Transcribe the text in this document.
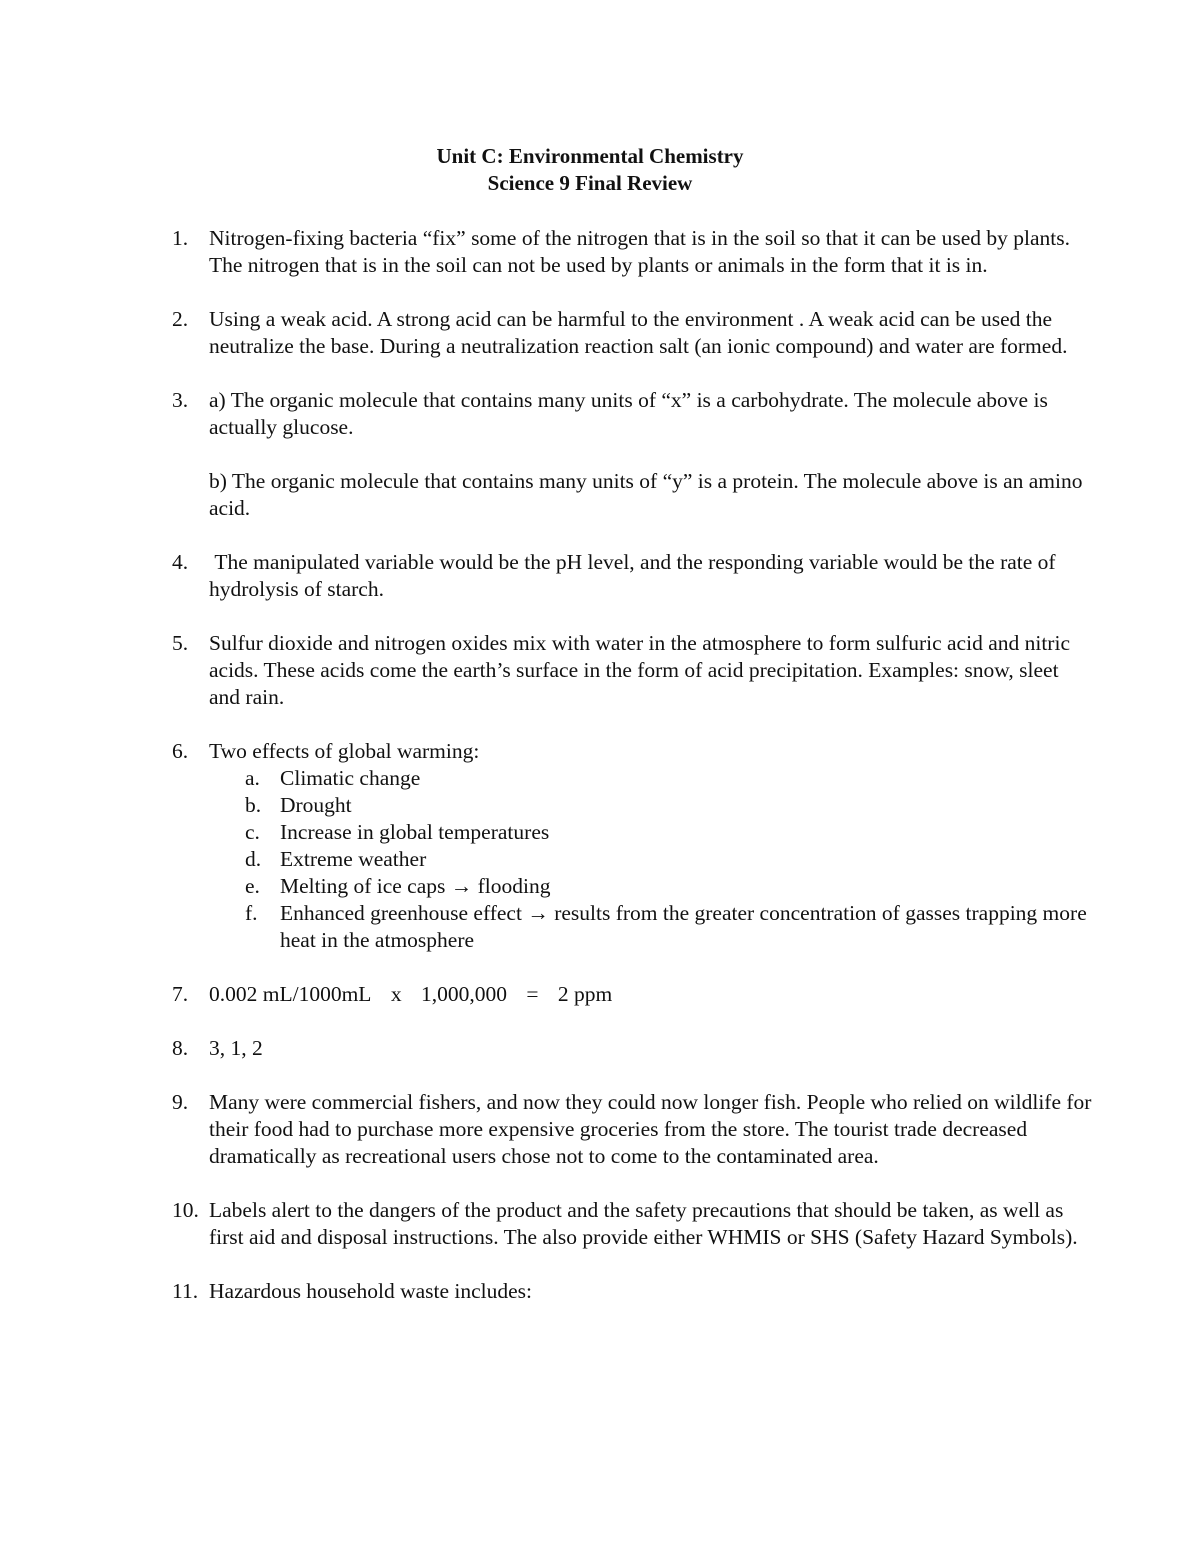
Unit C: Environmental Chemistry
Science 9 Final Review
1. Nitrogen-fixing bacteria “fix” some of the nitrogen that is in the soil so that it can be used by plants. The nitrogen that is in the soil can not be used by plants or animals in the form that it is in.
2. Using a weak acid. A strong acid can be harmful to the environment . A weak acid can be used the neutralize the base. During a neutralization reaction salt (an ionic compound) and water are formed.
3. a) The organic molecule that contains many units of “x” is a carbohydrate. The molecule above is actually glucose.
b) The organic molecule that contains many units of “y” is a protein. The molecule above is an amino acid.
4. The manipulated variable would be the pH level, and the responding variable would be the rate of hydrolysis of starch.
5. Sulfur dioxide and nitrogen oxides mix with water in the atmosphere to form sulfuric acid and nitric acids. These acids come the earth’s surface in the form of acid precipitation. Examples: snow, sleet and rain.
6. Two effects of global warming:
a. Climatic change
b. Drought
c. Increase in global temperatures
d. Extreme weather
e. Melting of ice caps → flooding
f. Enhanced greenhouse effect → results from the greater concentration of gasses trapping more heat in the atmosphere
7. 0.002 mL/1000mL x 1,000,000 = 2 ppm
8. 3, 1, 2
9. Many were commercial fishers, and now they could now longer fish. People who relied on wildlife for their food had to purchase more expensive groceries from the store. The tourist trade decreased dramatically as recreational users chose not to come to the contaminated area.
10. Labels alert to the dangers of the product and the safety precautions that should be taken, as well as first aid and disposal instructions. The also provide either WHMIS or SHS (Safety Hazard Symbols).
11. Hazardous household waste includes:
